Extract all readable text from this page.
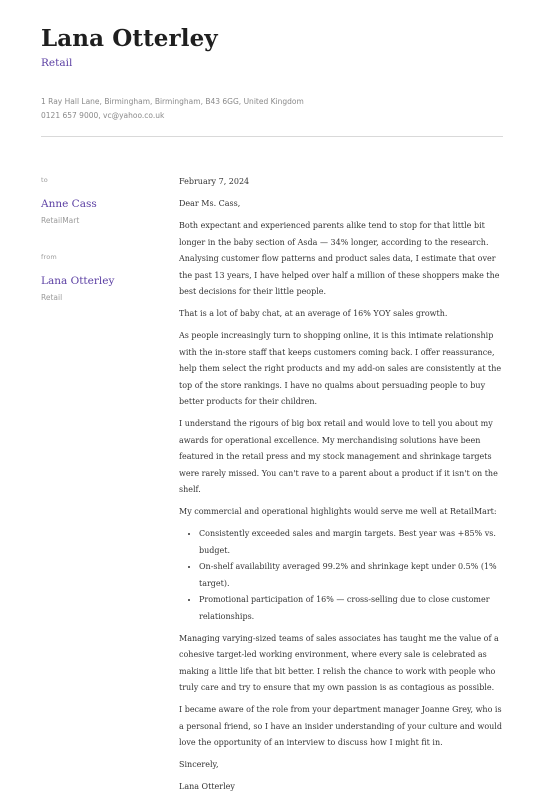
Lana Otterley
Retail
1 Ray Hall Lane, Birmingham, Birmingham, B43 6GG, United Kingdom
0121 657 9000, vc@yahoo.co.uk
to
Anne Cass
RetailMart
from
Lana Otterley
Retail

February 7, 2024

Dear Ms. Cass,

Both expectant and experienced parents alike tend to stop for that little bit longer in the baby section of Asda — 34% longer, according to the research. Analysing customer flow patterns and product sales data, I estimate that over the past 13 years, I have helped over half a million of these shoppers make the best decisions for their little people.

That is a lot of baby chat, at an average of 16% YOY sales growth.

As people increasingly turn to shopping online, it is this intimate relationship with the in-store staff that keeps customers coming back. I offer reassurance, help them select the right products and my add-on sales are consistently at the top of the store rankings. I have no qualms about persuading people to buy better products for their children.

I understand the rigours of big box retail and would love to tell you about my awards for operational excellence. My merchandising solutions have been featured in the retail press and my stock management and shrinkage targets were rarely missed. You can't rave to a parent about a product if it isn't on the shelf.

My commercial and operational highlights would serve me well at RetailMart:

• Consistently exceeded sales and margin targets. Best year was +85% vs. budget.
• On-shelf availability averaged 99.2% and shrinkage kept under 0.5% (1% target).
• Promotional participation of 16% — cross-selling due to close customer relationships.

Managing varying-sized teams of sales associates has taught me the value of a cohesive target-led working environment, where every sale is celebrated as making a little life that bit better. I relish the chance to work with people who truly care and try to ensure that my own passion is as contagious as possible.

I became aware of the role from your department manager Joanne Grey, who is a personal friend, so I have an insider understanding of your culture and would love the opportunity of an interview to discuss how I might fit in.

Sincerely,

Lana Otterley
